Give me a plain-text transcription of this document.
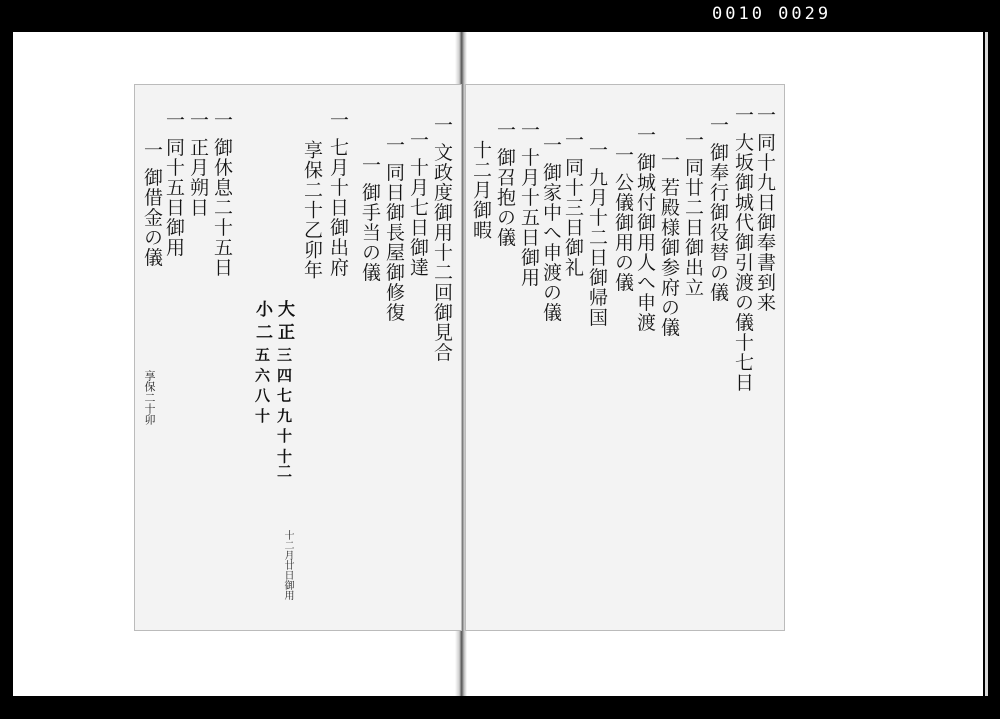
0010 0029
一 同十九日御奉書到来
一 大坂御城代御引渡の儀十七日
一 御奉行御役替の儀
一 同廿二日御出立
一 若殿様御参府の儀
一 御城付御用人へ申渡
一 公儀御用の儀
一 九月十二日御帰国
一 同十三日御礼
一 御家中へ申渡の儀
一 十月十五日御用
一 御召抱の儀
十二月御暇
一 文政度御用十二回御見合
一 十月七日御達
一 同日御長屋御修復
一 御手当の儀
一 七月十日御出府
享保二十乙卯年
大 正
小 二
三 四 七 九 十 十二
五 六 八 十
十二月廿日御用
一 御休息二十五日
一 正月朔日
一 同十五日御用
一 御借金の儀
享保二十卯
